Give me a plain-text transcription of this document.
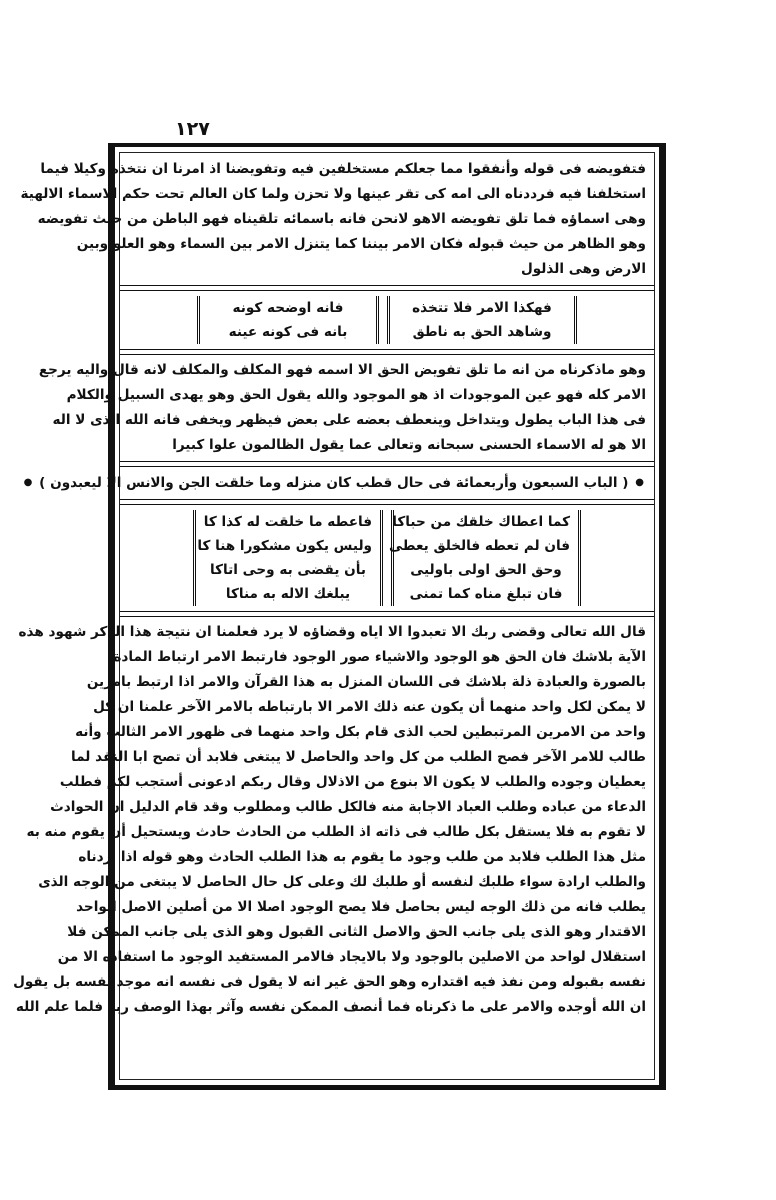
١٢٧
فتفويضه فى قوله وأنفقوا مما جعلكم مستخلفين فيه وتفويضنا اذ امرنا ان نتخذه وكيلا فيما
استخلفنا فيه فرددناه الى امه كى تقر عينها ولا تحزن ولما كان العالم تحت حكم الاسماء الالهية
وهى اسماؤه فما تلق تفويضه الاهو لانحن فانه باسمائه تلقيناه فهو الباطن من حيث تفويضه
وهو الظاهر من حيث قبوله فكان الامر بيننا كما يتنزل الامر بين السماء وهو العلو وبين
الارض وهى الذلول
فهكذا الامر فلا تتخذه
وشاهد الحق به ناطق
فانه اوضحه كونه
بانه فى كونه عينه
وهو ماذكرناه من انه ما تلق تفويض الحق الا اسمه فهو المكلف والمكلف لانه قال واليه يرجع
الامر كله فهو عين الموجودات اذ هو الموجود والله يقول الحق وهو يهدى السبيل والكلام
فى هذا الباب يطول ويتداخل وينعطف بعضه على بعض فيظهر ويخفى فانه الله الذى لا اله
الا هو له الاسماء الحسنى سبحانه وتعالى عما يقول الظالمون علوا كبيرا
● ( الباب السبعون وأربعمائة فى حال قطب كان منزله وما خلقت الجن والانس الا ليعبدون ) ●
كما اعطاك خلقك من حباكا
فان لم تعطه فالخلق يعطى
وحق الحق اولى باوليى
فان تبلغ مناه كما تمنى
فاعطه ما خلقت له كذا كا
وليس يكون مشكورا هنا كا
بأن يقضى به وحى اتاكا
يبلغك الاله به مناكا
قال الله تعالى وقضى ربك الا تعبدوا الا اياه وقضاؤه لا يرد فعلمنا ان نتيجة هذا الذكر شهود هذه
الآية بلاشك فان الحق هو الوجود والاشياء صور الوجود فارتبط الامر ارتباط المادة
بالصورة والعبادة ذلة بلاشك فى اللسان المنزل به هذا القرآن والامر اذا ارتبط بامرين
لا يمكن لكل واحد منهما أن يكون عنه ذلك الامر الا بارتباطه بالامر الآخر علمنا ان كل
واحد من الامرين المرتبطين لحب الذى قام بكل واحد منهما فى ظهور الامر الثالث وأنه
طالب للامر الآخر فصح الطلب من كل واحد والحاصل لا يبتغى فلابد أن تصح ابا النقد لما
يعطيان وجوده والطلب لا يكون الا بنوع من الاذلال وقال ربكم ادعونى أستجب لكم فطلب
الدعاء من عباده وطلب العباد الاجابة منه فالكل طالب ومطلوب وقد قام الدليل ان الحوادث
لا تقوم به فلا يستقل بكل طالب فى ذاته اذ الطلب من الحادث حادث ويستحيل أن يقوم منه به
مثل هذا الطلب فلابد من طلب وجود ما يقوم به هذا الطلب الحادث وهو قوله اذا اردناه
والطلب ارادة سواء طلبك لنفسه أو طلبك لك وعلى كل حال الحاصل لا يبتغى من الوجه الذى
يطلب فانه من ذلك الوجه ليس بحاصل فلا يصح الوجود اصلا الا من أصلين الاصل الواحد
الاقتدار وهو الذى يلى جانب الحق والاصل الثانى القبول وهو الذى يلى جانب الممكن فلا
استقلال لواحد من الاصلين بالوجود ولا بالايجاد فالامر المستفيد الوجود ما استفاده الا من
نفسه بقبوله ومن نفذ فيه اقتداره وهو الحق غير انه لا يقول فى نفسه انه موجد نفسه بل يقول
ان الله أوجده والامر على ما ذكرناه فما أنصف الممكن نفسه وآثر بهذا الوصف ربه فلما علم الله
